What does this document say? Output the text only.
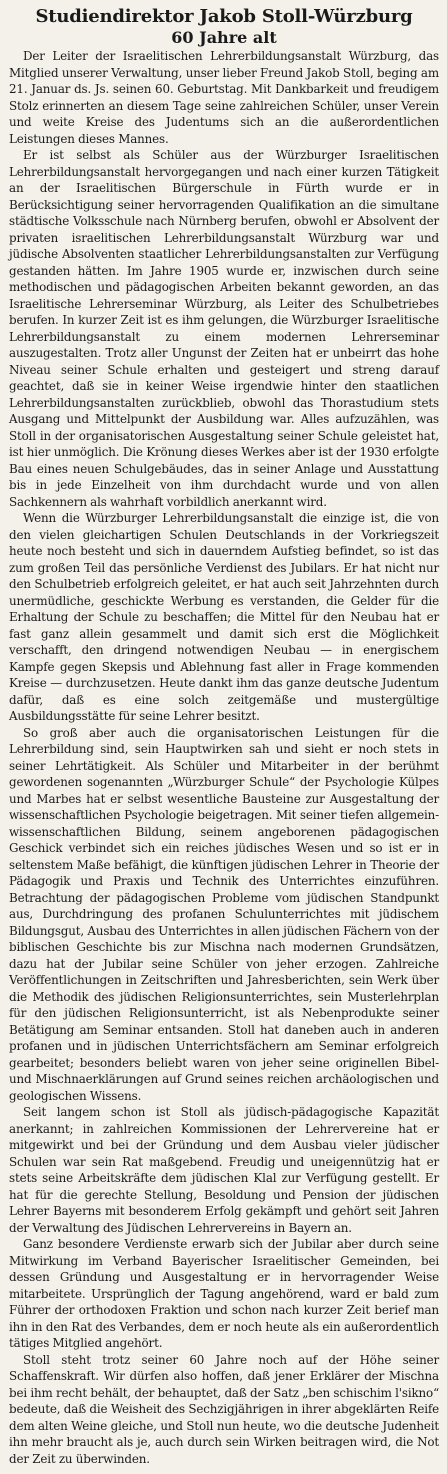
Studiendirektor Jakob Stoll-Würzburg
60 Jahre alt

Der Leiter der Israelitischen Lehrerbildungsanstalt Würzburg, das Mitglied unserer Verwaltung, unser lieber Freund Jakob Stoll, beging am 21. Januar ds. Js. seinen 60. Geburtstag. Mit Dankbarkeit und freudigem Stolz erinnerten an diesem Tage seine zahlreichen Schüler, unser Verein und weite Kreise des Judentums sich an die außerordentlichen Leistungen dieses Mannes.

Er ist selbst als Schüler aus der Würzburger Israelitischen Lehrerbildungsanstalt hervorgegangen und nach einer kurzen Tätigkeit an der Israelitischen Bürgerschule in Fürth wurde er in Berücksichtigung seiner hervorragenden Qualifikation an die simultane städtische Volksschule nach Nürnberg berufen, obwohl er Absolvent der privaten israelitischen Lehrerbildungsanstalt Würzburg war und jüdische Absolventen staatlicher Lehrerbildungsanstalten zur Verfügung gestanden hätten. Im Jahre 1905 wurde er, inzwischen durch seine methodischen und pädagogischen Arbeiten bekannt geworden, an das Israelitische Lehrerseminar Würzburg, als Leiter des Schulbetriebes berufen. In kurzer Zeit ist es ihm gelungen, die Würzburger Israelitische Lehrerbildungsanstalt zu einem modernen Lehrerseminar auszugestalten. Trotz aller Ungunst der Zeiten hat er unbeirrt das hohe Niveau seiner Schule erhalten und gesteigert und streng darauf geachtet, daß sie in keiner Weise irgendwie hinter den staatlichen Lehrerbildungsanstalten zurückblieb, obwohl das Thorastudium stets Ausgang und Mittelpunkt der Ausbildung war. Alles aufzuzählen, was Stoll in der organisatorischen Ausgestaltung seiner Schule geleistet hat, ist hier unmöglich. Die Krönung dieses Werkes aber ist der 1930 erfolgte Bau eines neuen Schulgebäudes, das in seiner Anlage und Ausstattung bis in jede Einzelheit von ihm durchdacht wurde und von allen Sachkennern als wahrhaft vorbildlich anerkannt wird.

Wenn die Würzburger Lehrerbildungsanstalt die einzige ist, die von den vielen gleichartigen Schulen Deutschlands in der Vorkriegszeit heute noch besteht und sich in dauerndem Aufstieg befindet, so ist das zum großen Teil das persönliche Verdienst des Jubilars. Er hat nicht nur den Schulbetrieb erfolgreich geleitet, er hat auch seit Jahrzehnten durch unermüdliche, geschickte Werbung es verstanden, die Gelder für die Erhaltung der Schule zu beschaffen; die Mittel für den Neubau hat er fast ganz allein gesammelt und damit sich erst die Möglichkeit verschafft, den dringend notwendigen Neubau — in energischem Kampfe gegen Skepsis und Ablehnung fast aller in Frage kommenden Kreise — durchzusetzen. Heute dankt ihm das ganze deutsche Judentum dafür, daß es eine solch zeitgemäße und mustergültige Ausbildungsstätte für seine Lehrer besitzt.

So groß aber auch die organisatorischen Leistungen für die Lehrerbildung sind, sein Hauptwirken sah und sieht er noch stets in seiner Lehrtätigkeit. Als Schüler und Mitarbeiter in der berühmt gewordenen sogenannten „Würzburger Schule“ der Psychologie Külpes und Marbes hat er selbst wesentliche Bausteine zur Ausgestaltung der wissenschaftlichen Psychologie beigetragen. Mit seiner tiefen allgemein-wissenschaftlichen Bildung, seinem angeborenen pädagogischen Geschick verbindet sich ein reiches jüdisches Wesen und so ist er in seltenstem Maße befähigt, die künftigen jüdischen Lehrer in Theorie der Pädagogik und Praxis und Technik des Unterrichtes einzuführen. Betrachtung der pädagogischen Probleme vom jüdischen Standpunkt aus, Durchdringung des profanen Schulunterrichtes mit jüdischem Bildungsgut, Ausbau des Unterrichtes in allen jüdischen Fächern von der biblischen Geschichte bis zur Mischna nach modernen Grundsätzen, dazu hat der Jubilar seine Schüler von jeher erzogen. Zahlreiche Veröffentlichungen in Zeitschriften und Jahresberichten, sein Werk über die Methodik des jüdischen Religionsunterrichtes, sein Musterlehrplan für den jüdischen Religionsunterricht, ist als Nebenprodukte seiner Betätigung am Seminar entsanden. Stoll hat daneben auch in anderen profanen und in jüdischen Unterrichtsfächern am Seminar erfolgreich gearbeitet; besonders beliebt waren von jeher seine originellen Bibel- und Mischnaerklärungen auf Grund seines reichen archäologischen und geologischen Wissens.

Seit langem schon ist Stoll als jüdisch-pädagogische Kapazität anerkannt; in zahlreichen Kommissionen der Lehrervereine hat er mitgewirkt und bei der Gründung und dem Ausbau vieler jüdischer Schulen war sein Rat maßgebend. Freudig und uneigennützig hat er stets seine Arbeitskräfte dem jüdischen Klal zur Verfügung gestellt. Er hat für die gerechte Stellung, Besoldung und Pension der jüdischen Lehrer Bayerns mit besonderem Erfolg gekämpft und gehört seit Jahren der Verwaltung des Jüdischen Lehrervereins in Bayern an.

Ganz besondere Verdienste erwarb sich der Jubilar aber durch seine Mitwirkung im Verband Bayerischer Israelitischer Gemeinden, bei dessen Gründung und Ausgestaltung er in hervorragender Weise mitarbeitete. Ursprünglich der Tagung angehörend, ward er bald zum Führer der orthodoxen Fraktion und schon nach kurzer Zeit berief man ihn in den Rat des Verbandes, dem er noch heute als ein außerordentlich tätiges Mitglied angehört.

Stoll steht trotz seiner 60 Jahre noch auf der Höhe seiner Schaffenskraft. Wir dürfen also hoffen, daß jener Erklärer der Mischna bei ihm recht behält, der behauptet, daß der Satz „ben schischim l'sikno“ bedeute, daß die Weisheit des Sechzigjährigen in ihrer abgeklärten Reife dem alten Weine gleiche, und Stoll nun heute, wo die deutsche Judenheit ihn mehr braucht als je, auch durch sein Wirken beitragen wird, die Not der Zeit zu überwinden.
